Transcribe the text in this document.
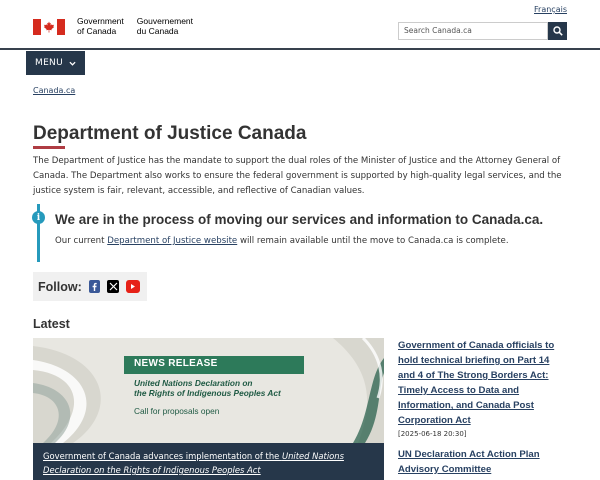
Français
Government
of Canada
Gouvernement
du Canada	Search Canada.ca
MENU
Canada.ca
Department of Justice Canada

The Department of Justice has the mandate to support the dual roles of the Minister of Justice and the Attorney General of Canada. The Department also works to ensure the federal government is supported by high-quality legal services, and the justice system is fair, relevant, accessible, and reflective of Canadian values.

i	We are in the process of moving our services and information to Canada.ca.
Our current Department of Justice website will remain available until the move to Canada.ca is complete.
Follow:
Latest
NEWS RELEASE
United Nations Declaration on
the Rights of Indigenous Peoples Act
Call for proposals open
Government of Canada advances implementation of the United Nations Declaration on the Rights of Indigenous Peoples Act
Government of Canada officials to hold technical briefing on Part 14 and 4 of The Strong Borders Act: Timely Access to Data and Information, and Canada Post Corporation Act
[2025-06-18 20:30]
UN Declaration Act Action Plan Advisory Committee
